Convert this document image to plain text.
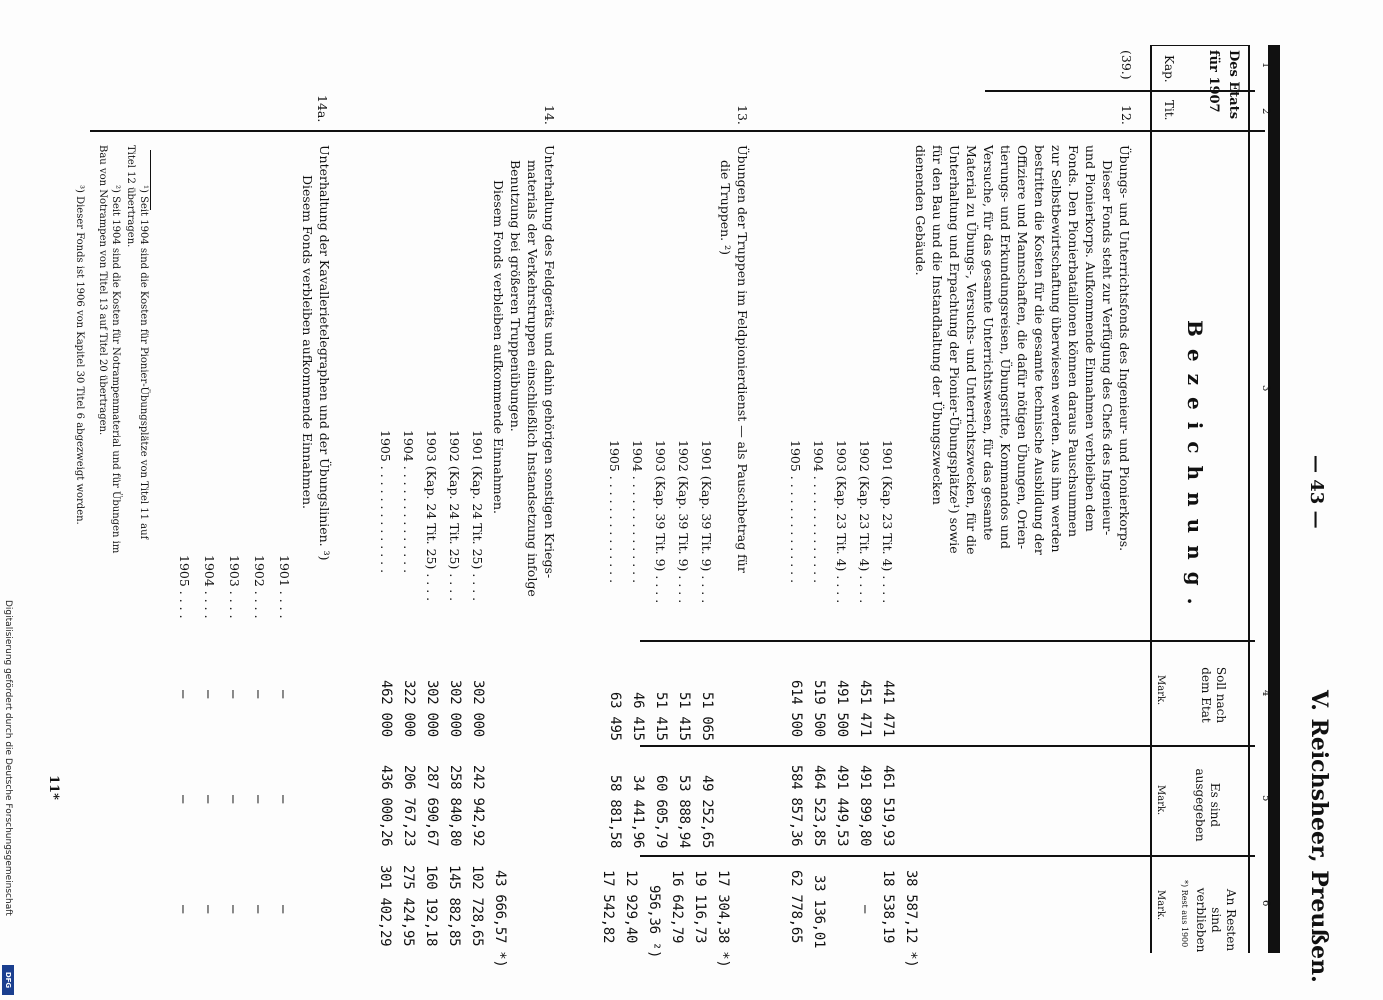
1
2
3
4
5
6
Des Etats für 1907
Kap.
Tit.
Bezeichnung.
Soll nach dem Etat
Mark.
Es sind ausgegeben
Mark.
An Resten sind verblieben
*) Rest aus 1900
Mark.
— 43 —
V. Reichsheer, Preußen.
(39.)
12.
Übungs- und Unterrichtsfonds des Ingenieur- und Pionierkorps.
Dieser Fonds steht zur Verfügung des Chefs des Ingenieur-
und Pionierkorps. Aufkommende Einnahmen verbleiben dem
Fonds. Den Pionierbataillonen können daraus Pauschsummen
zur Selbstbewirtschaftung überwiesen werden. Aus ihm werden
bestritten die Kosten für die gesamte technische Ausbildung der
Offiziere und Mannschaften, die dafür nötigen Übungen, Orien-
tierungs- und Erkundungsreisen, Übungsritte, Kommandos und
Versuche, für das gesamte Unterrichtswesen, für das gesamte
Material zu Übungs-, Versuchs- und Unterrichtszwecken, für die
Unterhaltung und Erpachtung der Pionier-Übungsplätze¹) sowie
für den Bau und die Instandhaltung der Übungszwecken
dienenden Gebäude.
1901 (Kap. 23 Tit. 4) . . . .
1902 (Kap. 23 Tit. 4) . . . .
1903 (Kap. 23 Tit. 4) . . . .
1904 . . . . . . . . . . . . . .
1905 . . . . . . . . . . . . . .
441 471
451 471
491 500
519 500
614 500
461 519,93
491 899,80
491 449,53
464 523,85
584 857,36
38 587,12 *)
18 538,19
—
33 136,01
62 778,65
13.
Übungen der Truppen im Feldpionierdienst — als Pauschbetrag für
die Truppen. ²)
1901 (Kap. 39 Tit. 9) . . . .
1902 (Kap. 39 Tit. 9) . . . .
1903 (Kap. 39 Tit. 9) . . . .
1904 . . . . . . . . . . . . . .
1905 . . . . . . . . . . . . . .
51 065
51 415
51 415
46 415
63 495
49 252,65
53 888,94
60 605,79
34 441,96
58 881,58
17 304,38 *)
19 116,73
16 642,79
956,36 ²)
12 929,40
17 542,82
14.
Unterhaltung des Feldgeräts und dahin gehörigen sonstigen Kriegs-
materials der Verkehrstruppen einschließlich Instandsetzung infolge
Benutzung bei größeren Truppenübungen.
Diesem Fonds verbleiben aufkommende Einnahmen.
1901 (Kap. 24 Tit. 25) . . . .
1902 (Kap. 24 Tit. 25) . . . .
1903 (Kap. 24 Tit. 25) . . . .
1904 . . . . . . . . . . . . . .
1905 . . . . . . . . . . . . . .
302 000
302 000
302 000
322 000
462 000
242 942,92
258 840,80
287 690,67
206 767,23
436 000,26
43 666,57 *)
102 728,65
145 882,85
160 192,18
275 424,95
301 402,29
14a.
Unterhaltung der Kavallerietelegraphen und der Übungslinien. ³)
Diesem Fonds verbleiben aufkommende Einnahmen.
1901 . . . .
1902 . . . .
1903 . . . .
1904 . . . .
1905 . . . .
—
—
—
—
—
—
—
—
—
—
—
—
—
—
—
¹) Seit 1904 sind die Kosten für Pionier-Übungsplätze von Titel 11 auf
Titel 12 übertragen.
²) Seit 1904 sind die Kosten für Notrampenmaterial und für Übungen im
Bau von Notrampen von Titel 13 auf Titel 20 übertragen.
³) Dieser Fonds ist 1906 von Kapitel 30 Titel 6 abgezweigt worden.
11*
Digitalisierung gefördert durch die Deutsche Forschungsgemeinschaft
DFG
